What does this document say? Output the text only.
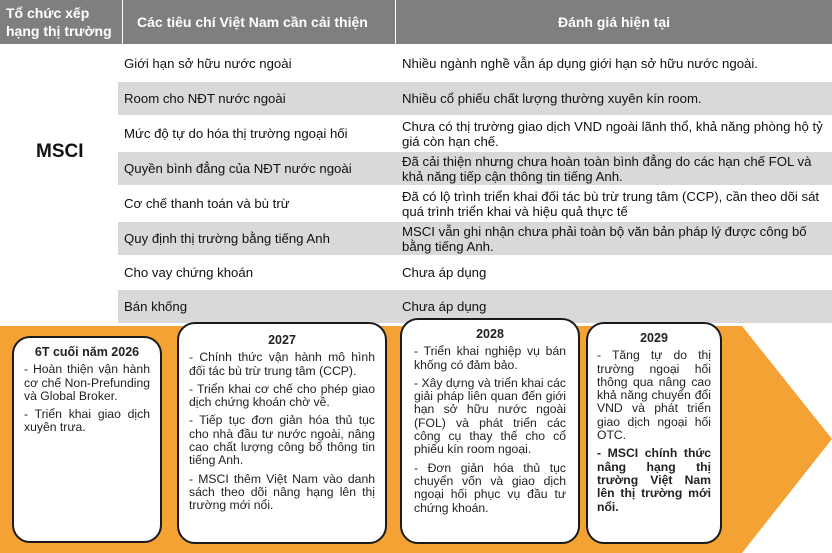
Tổ chức xếp hạng thị trường
Các tiêu chí Việt Nam cần cải thiện	Đánh giá hiện tại
MSCI
Giới hạn sở hữu nước ngoài	Nhiều ngành nghề vẫn áp dụng giới hạn sở hữu nước ngoài.
Room cho NĐT nước ngoài	Nhiều cổ phiếu chất lượng thường xuyên kín room.
Mức độ tự do hóa thị trường ngoại hối	Chưa có thị trường giao dịch VND ngoài lãnh thổ, khả năng phòng hộ tỷ giá còn hạn chế.
Quyền bình đẳng của NĐT nước ngoài	Đã cải thiện nhưng chưa hoàn toàn bình đẳng do các hạn chế FOL và khả năng tiếp cận thông tin tiếng Anh.
Cơ chế thanh toán và bù trừ	Đã có lộ trình triển khai đối tác bù trừ trung tâm (CCP), cần theo dõi sát quá trình triển khai và hiệu quả thực tế
Quy định thị trường bằng tiếng Anh	MSCI vẫn ghi nhận chưa phải toàn bộ văn bản pháp lý được công bố bằng tiếng Anh.
Cho vay chứng khoán	Chưa áp dụng
Bán khống	Chưa áp dụng
6T cuối năm 2026
- Hoàn thiện vận hành cơ chế Non-Prefunding và Global Broker.
- Triển khai giao dịch xuyên trưa.
2027
- Chính thức vận hành mô hình đối tác bù trừ trung tâm (CCP).
- Triển khai cơ chế cho phép giao dịch chứng khoán chờ về.
- Tiếp tục đơn giản hóa thủ tục cho nhà đầu tư nước ngoài, nâng cao chất lượng công bố thông tin tiếng Anh.
- MSCI thêm Việt Nam vào danh sách theo dõi nâng hạng lên thị trường mới nổi.
2028
- Triển khai nghiệp vụ bán khống có đảm bảo.
- Xây dựng và triển khai các giải pháp liên quan đến giới hạn sở hữu nước ngoài (FOL) và phát triển các công cụ thay thế cho cổ phiếu kín room ngoại.
- Đơn giản hóa thủ tục chuyển vốn và giao dịch ngoại hối phục vụ đầu tư chứng khoán.
2029
- Tăng tự do thị trường ngoại hối thông qua nâng cao khả năng chuyển đổi VND và phát triển giao dịch ngoại hối OTC.
- MSCI chính thức nâng hạng thị trường Việt Nam lên thị trường mới nổi.
